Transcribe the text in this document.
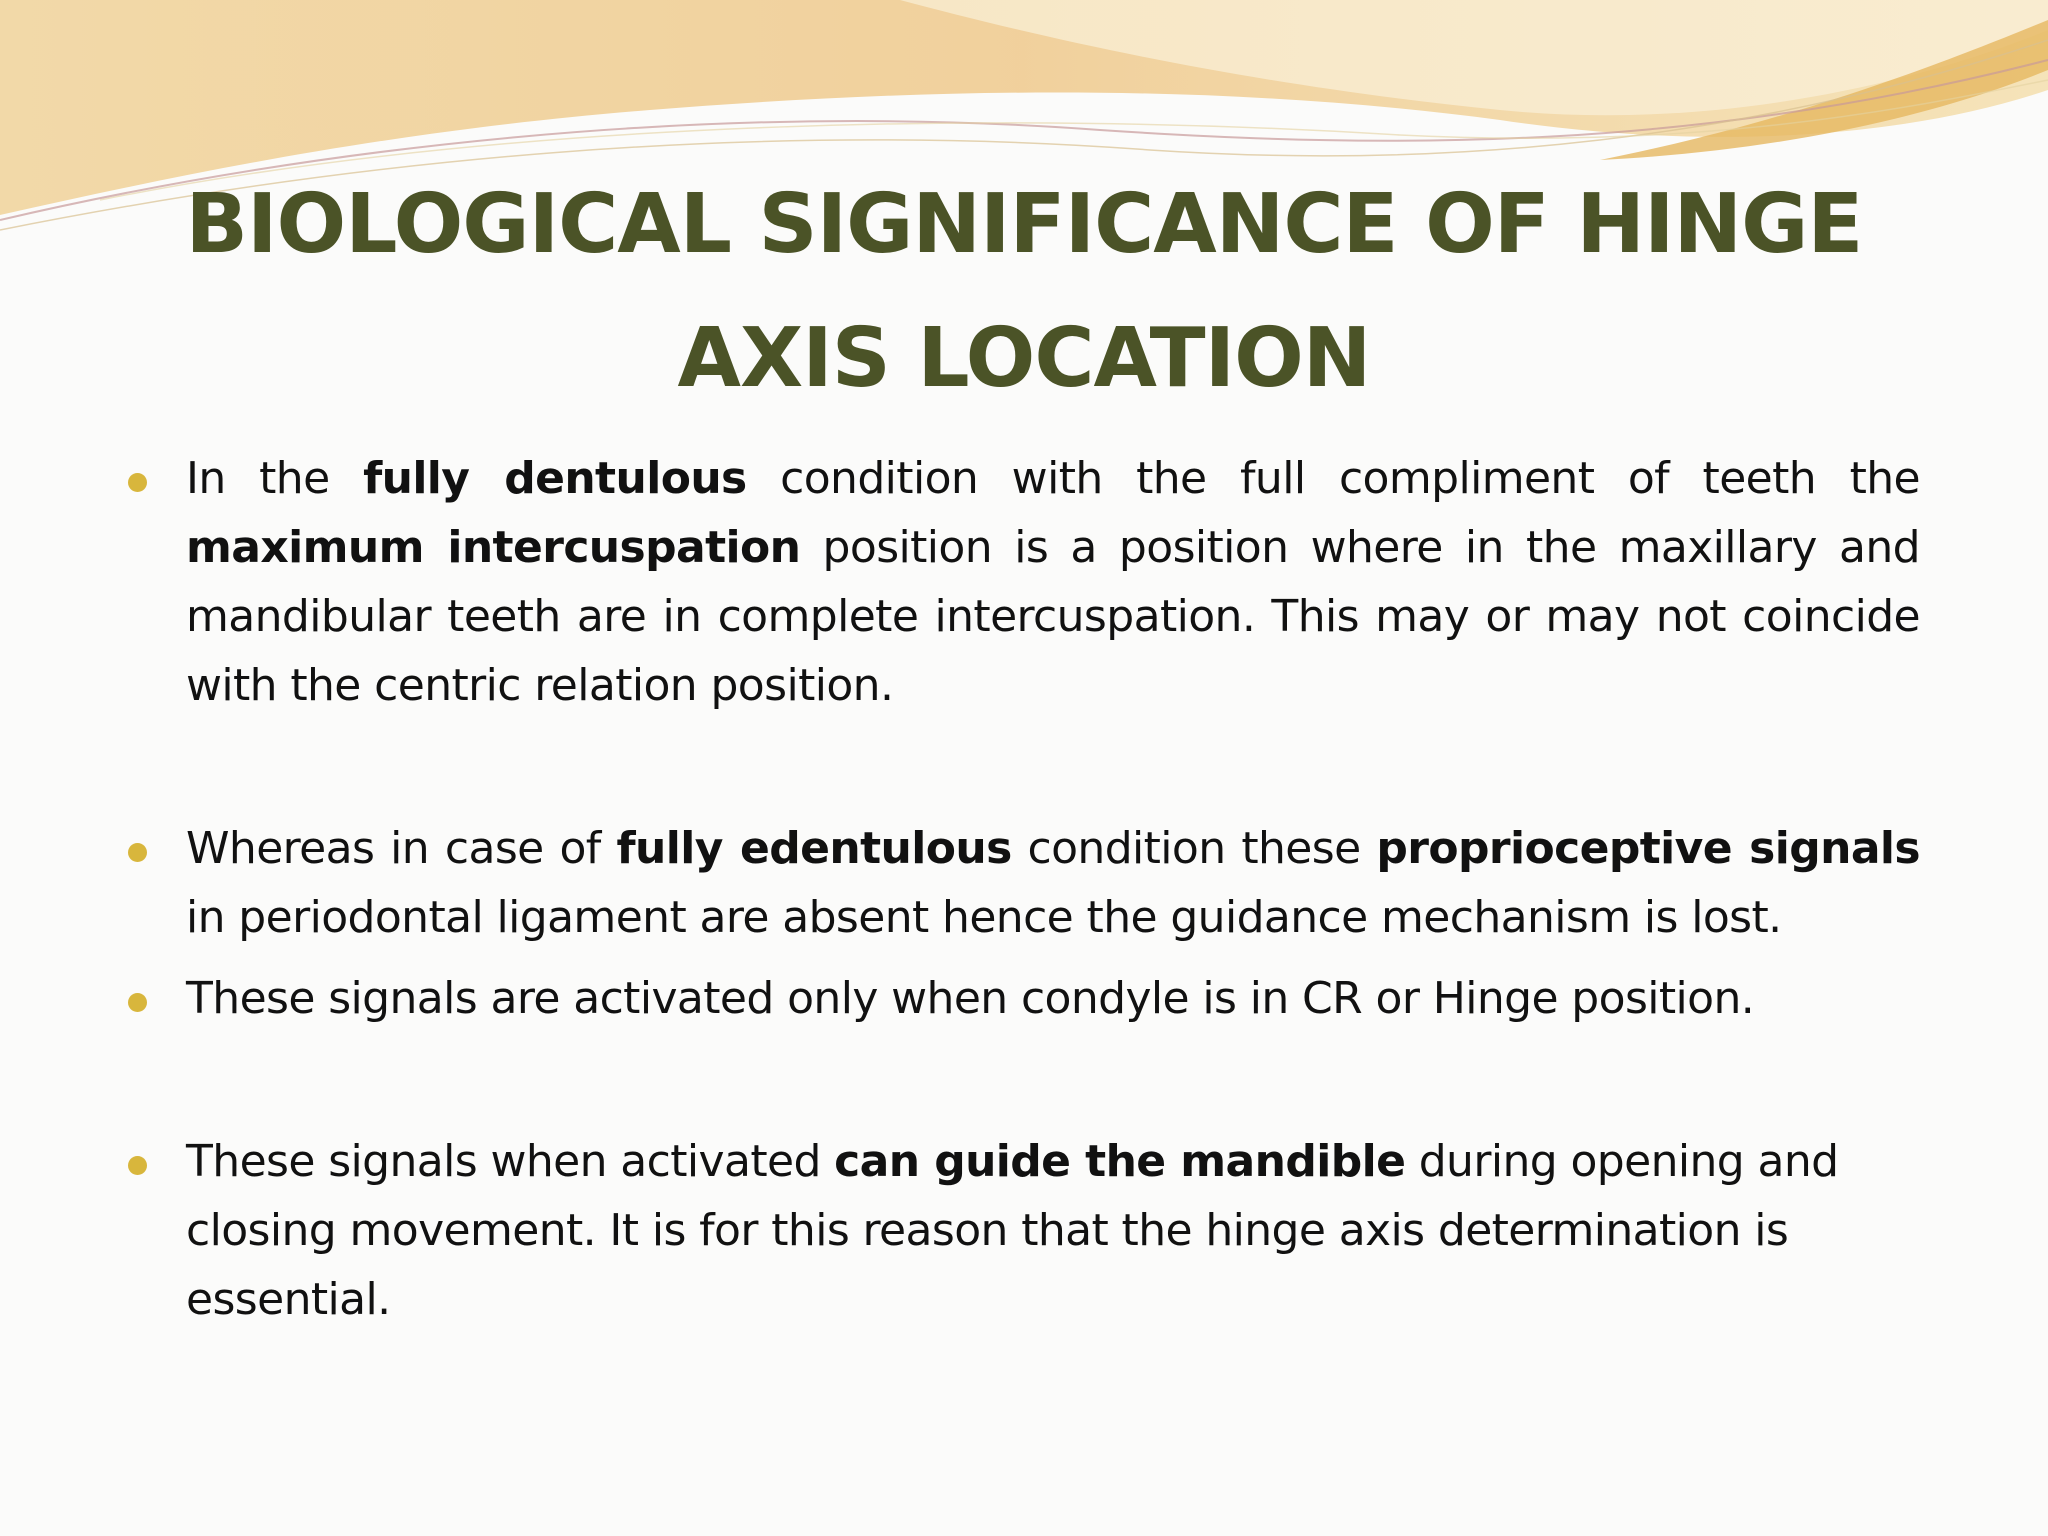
BIOLOGICAL SIGNIFICANCE OF HINGE
AXIS LOCATION
In the fully dentulous condition with the full compliment of teeth the maximum intercuspation position is a position where in the maxillary and mandibular teeth are in complete intercuspation. This may or may not coincide with the centric relation position.
Whereas in case of fully edentulous condition these proprioceptive signals in periodontal ligament are absent hence the guidance mechanism is lost.
These signals are activated only when condyle is in CR or Hinge position.
These signals when activated can guide the mandible during opening and closing movement. It is for this reason that the hinge axis determination is essential.
